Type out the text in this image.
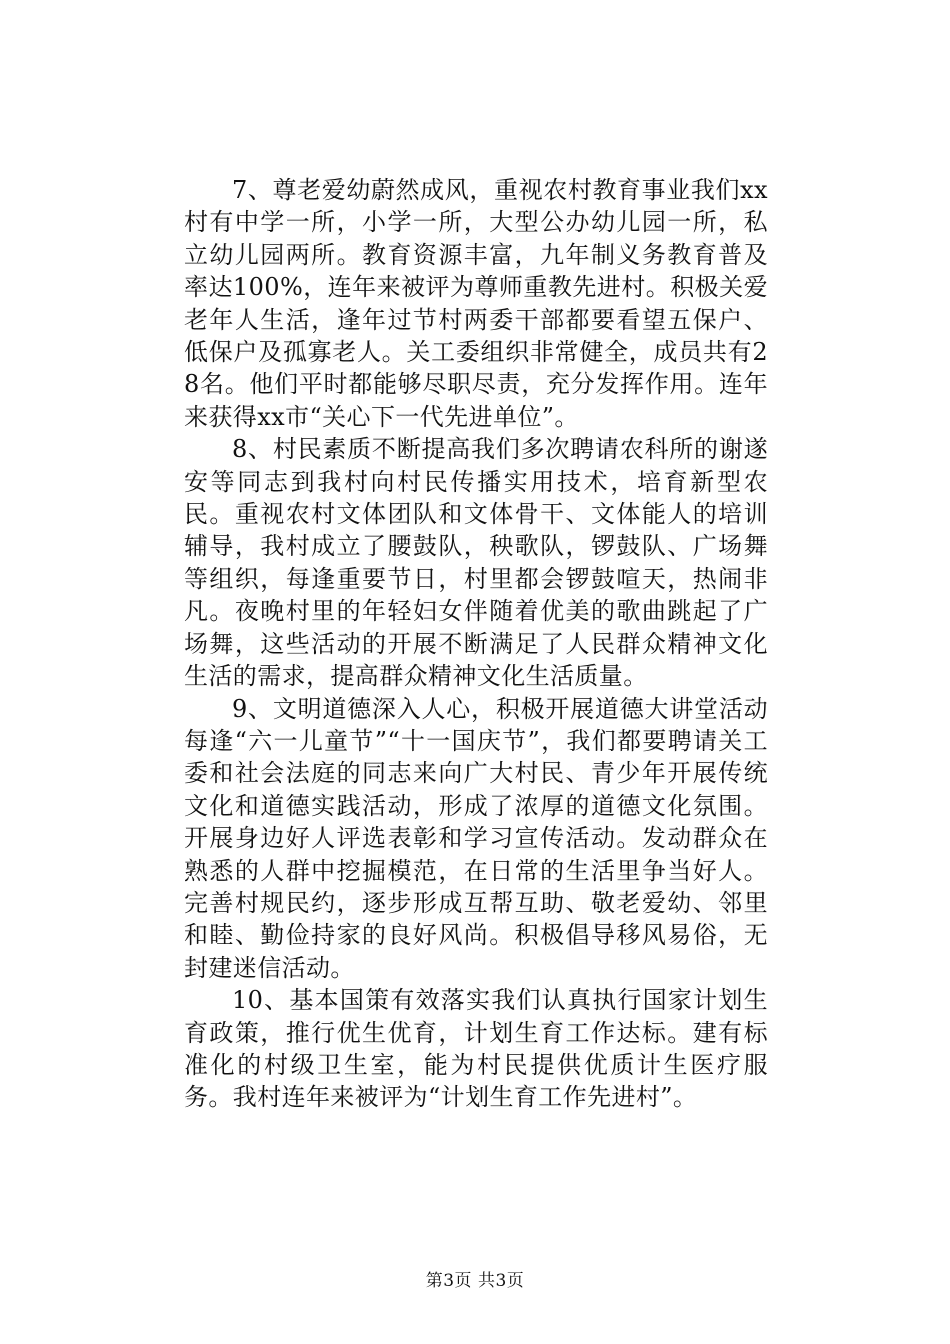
7、尊老爱幼蔚然成风，重视农村教育事业我们xx村有中学一所，小学一所，大型公办幼儿园一所，私立幼儿园两所。教育资源丰富，九年制义务教育普及率达100%，连年来被评为尊师重教先进村。积极关爱老年人生活，逢年过节村两委干部都要看望五保户、低保户及孤寡老人。关工委组织非常健全，成员共有28名。他们平时都能够尽职尽责，充分发挥作用。连年来获得xx市“关心下一代先进单位”。

8、村民素质不断提高我们多次聘请农科所的谢遂安等同志到我村向村民传播实用技术，培育新型农民。重视农村文体团队和文体骨干、文体能人的培训辅导，我村成立了腰鼓队，秧歌队，锣鼓队、广场舞等组织，每逢重要节日，村里都会锣鼓喧天，热闹非凡。夜晚村里的年轻妇女伴随着优美的歌曲跳起了广场舞，这些活动的开展不断满足了人民群众精神文化生活的需求，提高群众精神文化生活质量。

9、文明道德深入人心，积极开展道德大讲堂活动每逢“六一儿童节”“十一国庆节”，我们都要聘请关工委和社会法庭的同志来向广大村民、青少年开展传统文化和道德实践活动，形成了浓厚的道德文化氛围。开展身边好人评选表彰和学习宣传活动。发动群众在熟悉的人群中挖掘模范，在日常的生活里争当好人。完善村规民约，逐步形成互帮互助、敬老爱幼、邻里和睦、勤俭持家的良好风尚。积极倡导移风易俗，无封建迷信活动。

10、基本国策有效落实我们认真执行国家计划生育政策，推行优生优育，计划生育工作达标。建有标准化的村级卫生室，能为村民提供优质计生医疗服务。我村连年来被评为“计划生育工作先进村”。

第3页 共3页
